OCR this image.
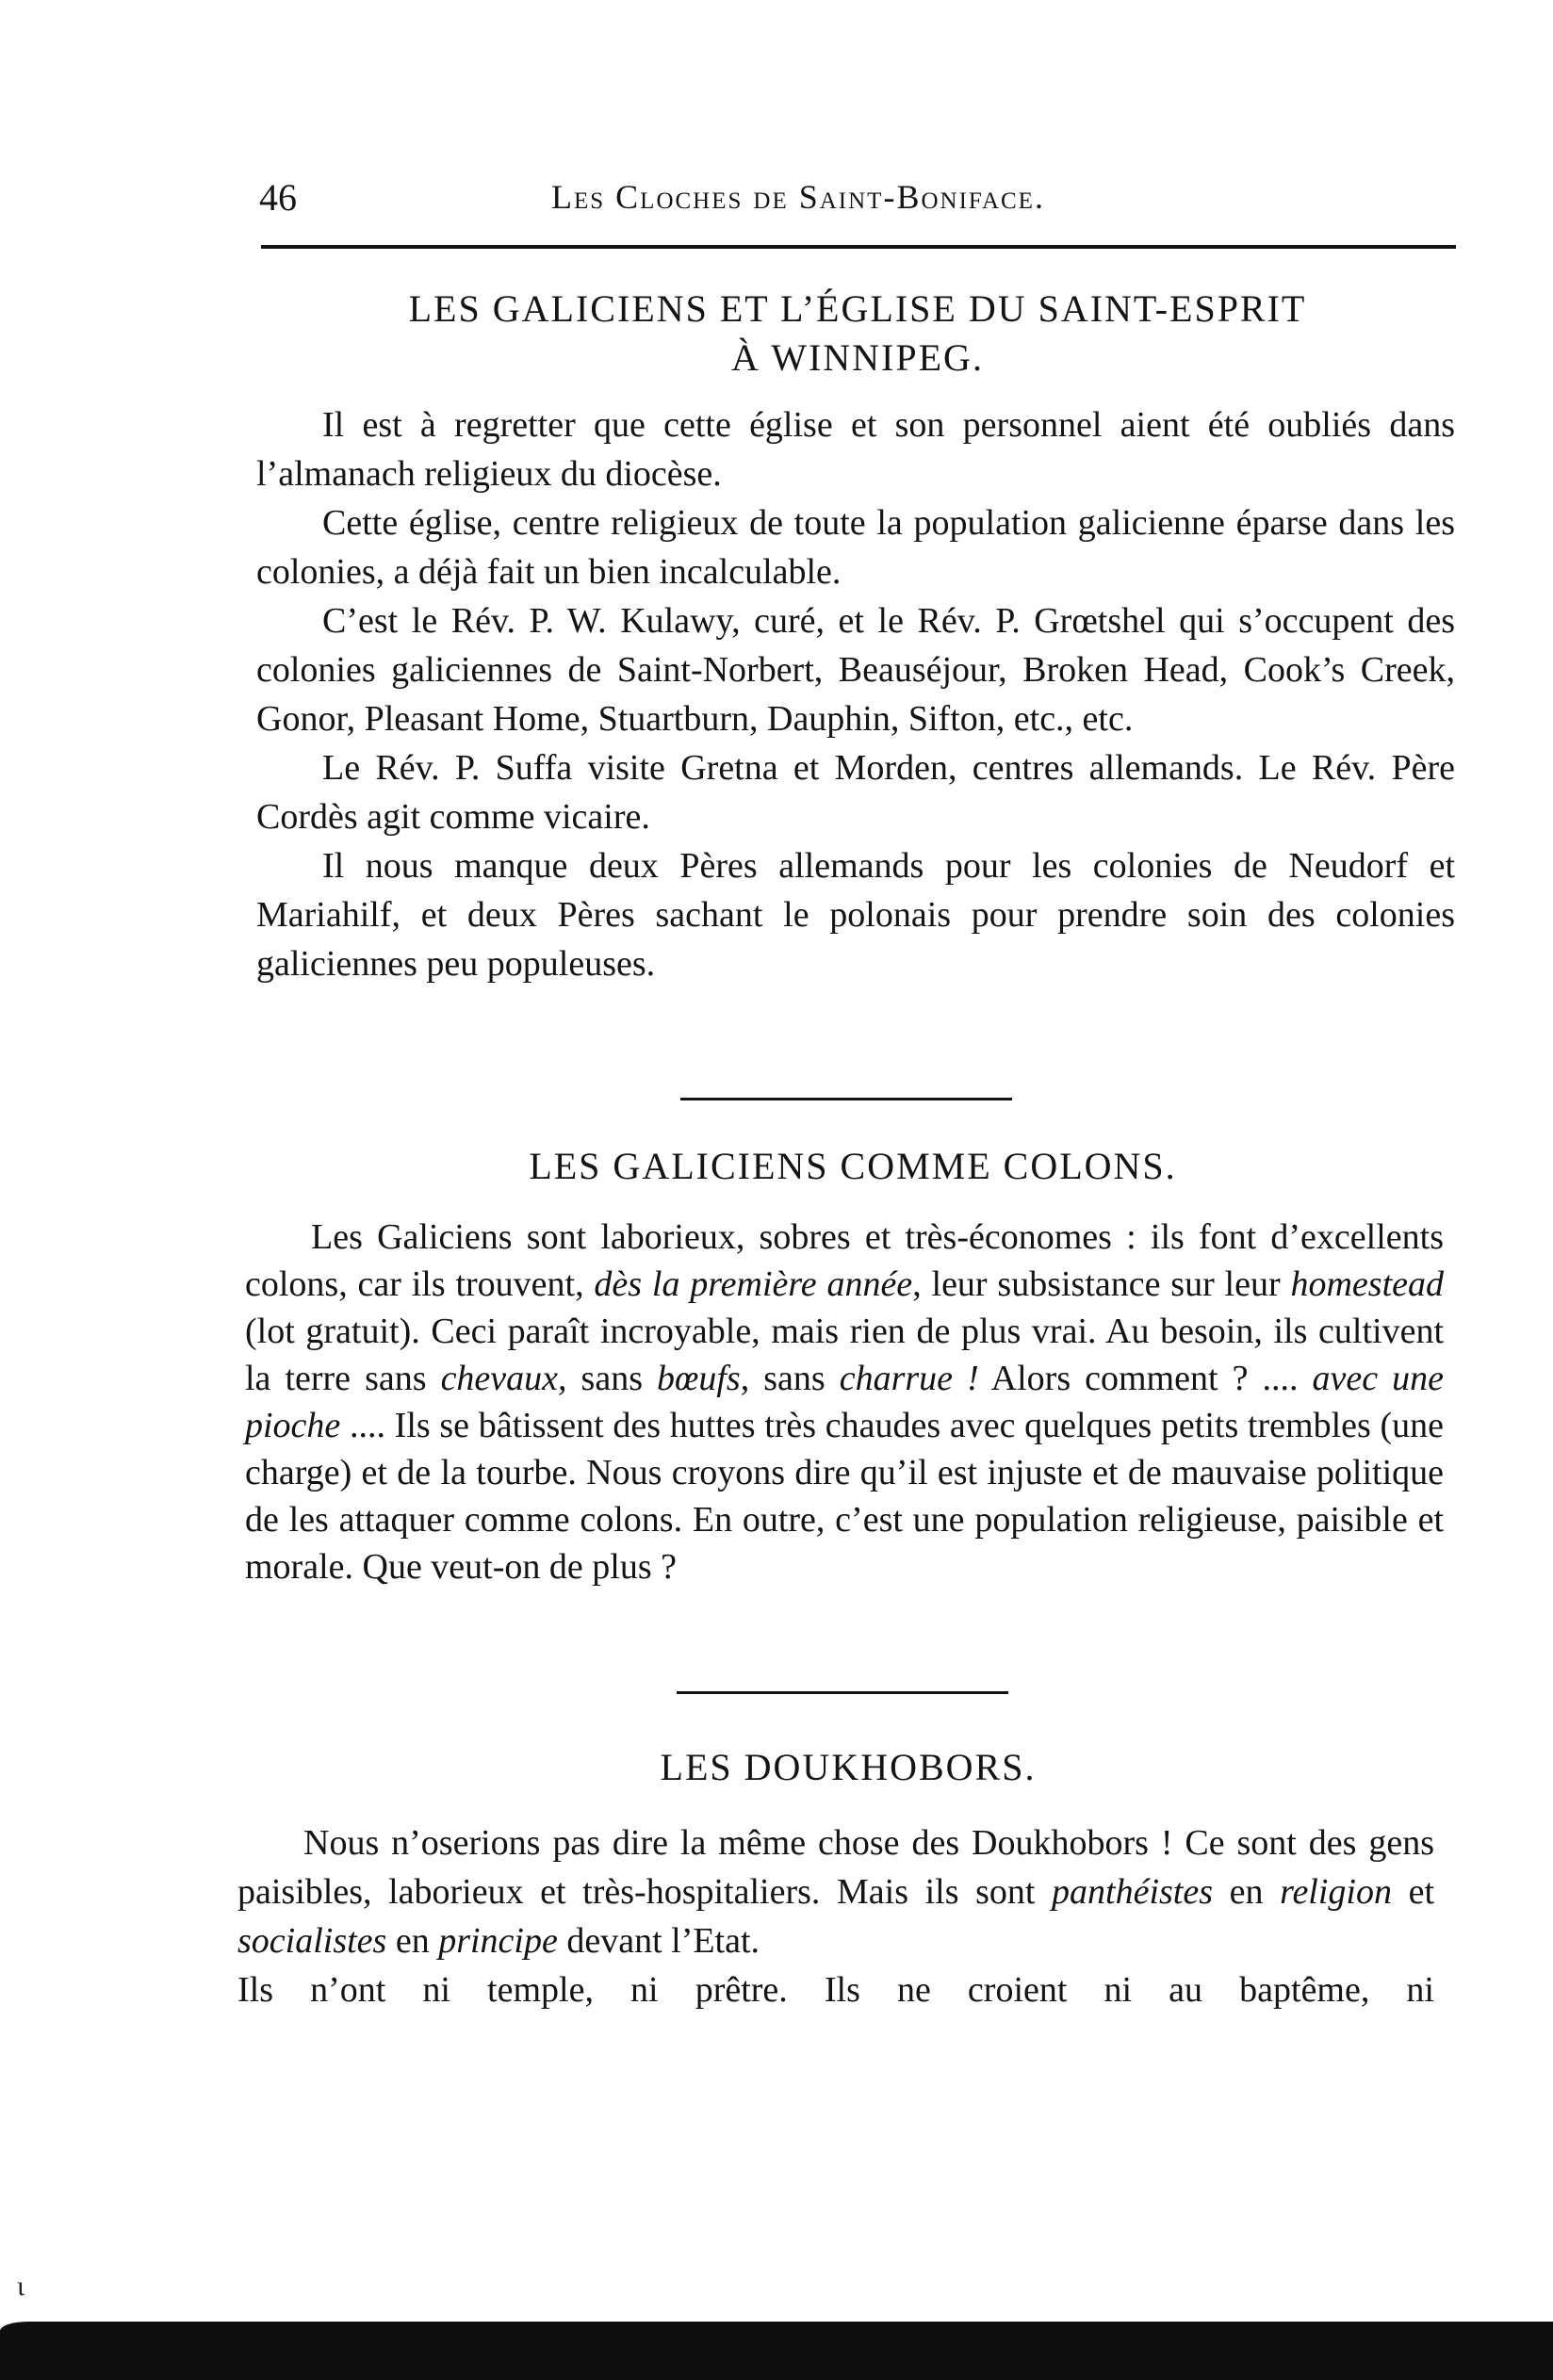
46	Les Cloches de Saint-Boniface.
LES GALICIENS ET L’ÉGLISE DU SAINT-ESPRIT
À WINNIPEG.

Il est à regretter que cette église et son personnel aient été oubliés dans l’almanach religieux du diocèse.

Cette église, centre religieux de toute la population galicienne éparse dans les colonies, a déjà fait un bien incalculable.

C’est le Rév. P. W. Kulawy, curé, et le Rév. P. Grœtshel qui s’occupent des colonies galiciennes de Saint-Norbert, Beauséjour, Broken Head, Cook’s Creek, Gonor, Pleasant Home, Stuartburn, Dauphin, Sifton, etc., etc.

Le Rév. P. Suffa visite Gretna et Morden, centres allemands. Le Rév. Père Cordès agit comme vicaire.

Il nous manque deux Pères allemands pour les colonies de Neudorf et Mariahilf, et deux Pères sachant le polonais pour prendre soin des colonies galiciennes peu populeuses.

LES GALICIENS COMME COLONS.

Les Galiciens sont laborieux, sobres et très-économes : ils font d’excellents colons, car ils trouvent, dès la première année, leur subsistance sur leur homestead (lot gratuit). Ceci paraît incroyable, mais rien de plus vrai. Au besoin, ils cultivent la terre sans chevaux, sans bœufs, sans charrue ! Alors comment ? .... avec une pioche .... Ils se bâtissent des huttes très chaudes avec quelques petits trembles (une charge) et de la tourbe. Nous croyons dire qu’il est injuste et de mauvaise politique de les attaquer comme colons. En outre, c’est une population religieuse, paisible et morale. Que veut-on de plus ?

LES DOUKHOBORS.

Nous n’oserions pas dire la même chose des Doukhobors ! Ce sont des gens paisibles, laborieux et très-hospitaliers. Mais ils sont panthéistes en religion et socialistes en principe devant l’Etat.

Ils n’ont ni temple, ni prêtre. Ils ne croient ni au baptême, ni

ɩ
